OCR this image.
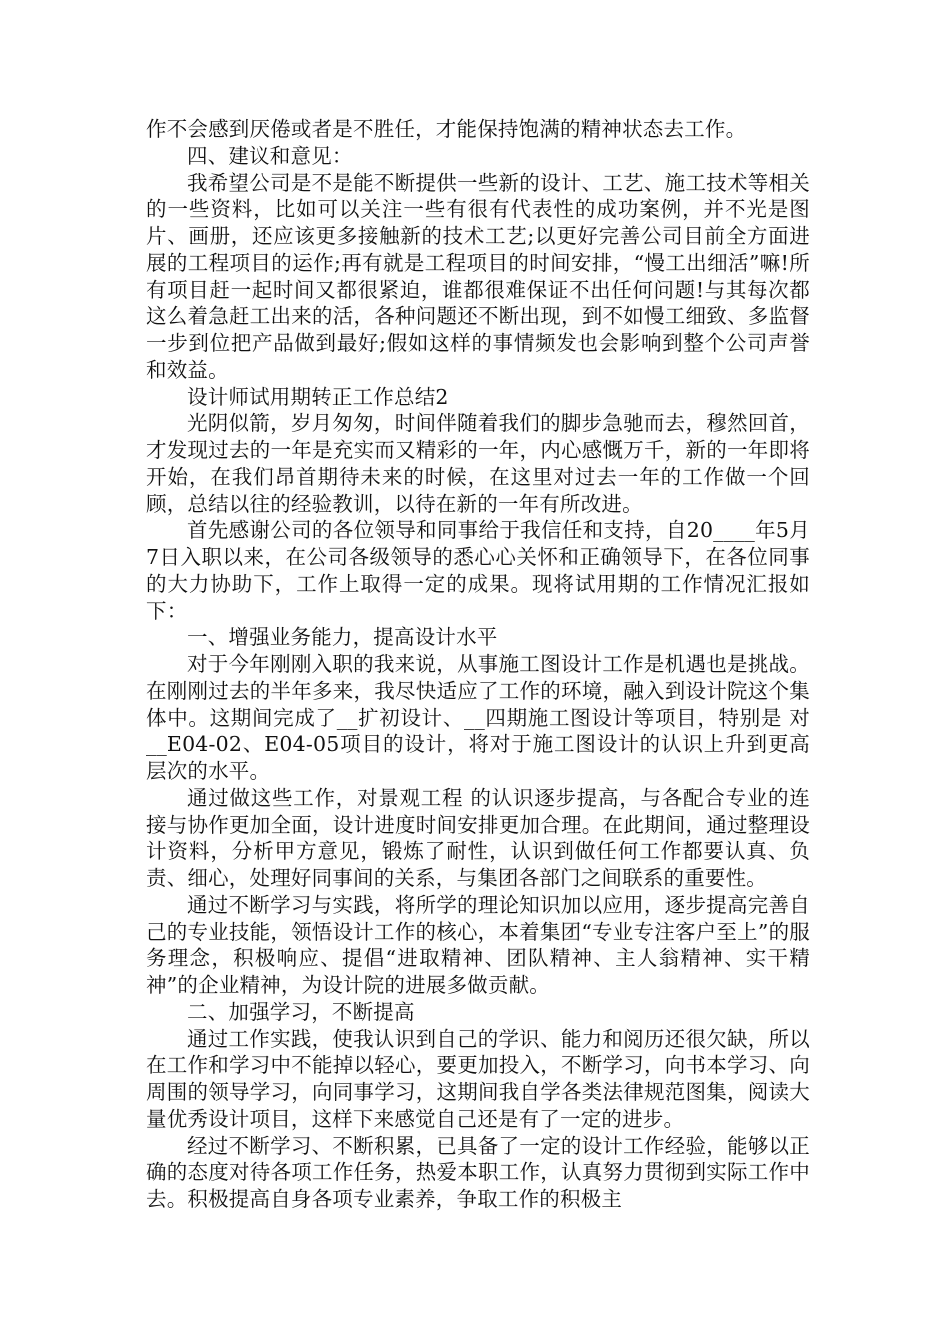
作不会感到厌倦或者是不胜任，才能保持饱满的精神状态去工作。

四、建议和意见：

我希望公司是不是能不断提供一些新的设计、工艺、施工技术等相关的一些资料，比如可以关注一些有很有代表性的成功案例，并不光是图片、画册，还应该更多接触新的技术工艺;以更好完善公司目前全方面进展的工程项目的运作;再有就是工程项目的时间安排，“慢工出细活”嘛!所有项目赶一起时间又都很紧迫，谁都很难保证不出任何问题!与其每次都这么着急赶工出来的活，各种问题还不断出现，到不如慢工细致、多监督一步到位把产品做到最好;假如这样的事情频发也会影响到整个公司声誉和效益。

设计师试用期转正工作总结2

光阴似箭，岁月匆匆，时间伴随着我们的脚步急驰而去，穆然回首，才发现过去的一年是充实而又精彩的一年，内心感慨万千，新的一年即将开始，在我们昂首期待未来的时候，在这里对过去一年的工作做一个回顾，总结以往的经验教训，以待在新的一年有所改进。

首先感谢公司的各位领导和同事给于我信任和支持，自20____年5月7日入职以来，在公司各级领导的悉心心关怀和正确领导下，在各位同事的大力协助下，工作上取得一定的成果。现将试用期的工作情况汇报如下：

一、增强业务能力，提高设计水平

对于今年刚刚入职的我来说，从事施工图设计工作是机遇也是挑战。在刚刚过去的半年多来，我尽快适应了工作的环境，融入到设计院这个集体中。这期间完成了__扩初设计、__四期施工图设计等项目，特别是 对__E04-02、E04-05项目的设计，将对于施工图设计的认识上升到更高层次的水平。

通过做这些工作，对景观工程 的认识逐步提高，与各配合专业的连接与协作更加全面，设计进度时间安排更加合理。在此期间，通过整理设计资料，分析甲方意见，锻炼了耐性，认识到做任何工作都要认真、负责、细心，处理好同事间的关系，与集团各部门之间联系的重要性。

通过不断学习与实践，将所学的理论知识加以应用，逐步提高完善自己的专业技能，领悟设计工作的核心，本着集团“专业专注客户至上”的服务理念，积极响应、提倡“进取精神、团队精神、主人翁精神、实干精神”的企业精神，为设计院的进展多做贡献。

二、加强学习，不断提高

通过工作实践，使我认识到自己的学识、能力和阅历还很欠缺，所以在工作和学习中不能掉以轻心，要更加投入，不断学习，向书本学习、向周围的领导学习，向同事学习，这期间我自学各类法律规范图集，阅读大量优秀设计项目，这样下来感觉自己还是有了一定的进步。

经过不断学习、不断积累，已具备了一定的设计工作经验，能够以正确的态度对待各项工作任务，热爱本职工作，认真努力贯彻到实际工作中去。积极提高自身各项专业素养，争取工作的积极主
